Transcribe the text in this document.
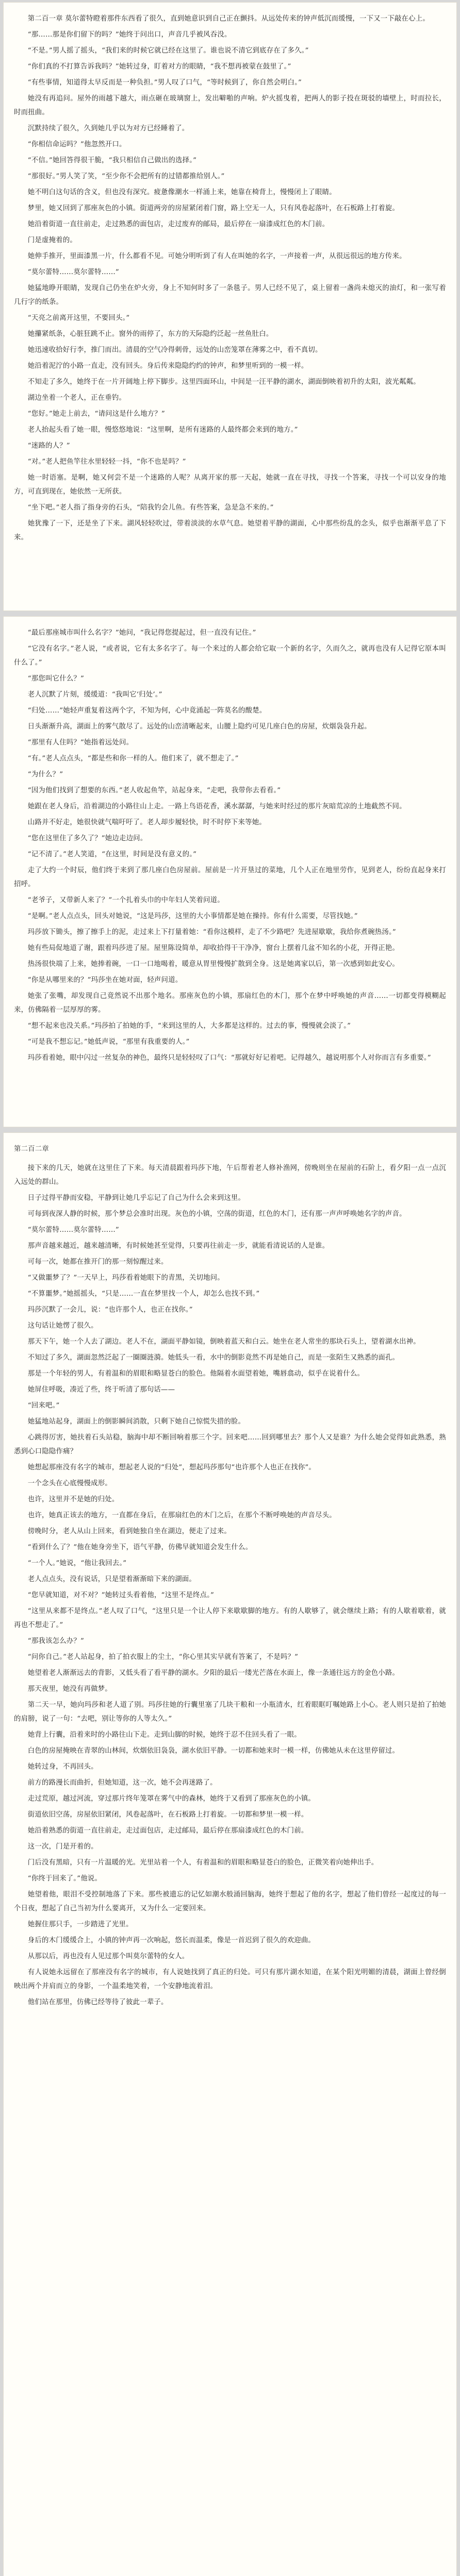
第二百一章 莫尔蕾特瞪着那件东西看了很久，直到她意识到自己正在颤抖。从远处传来的钟声低沉而缓慢，一下又一下敲在心上。

“那……那是你们留下的吗？”她终于问出口，声音几乎被风吞没。

“不是。”男人摇了摇头，“我们来的时候它就已经在这里了。谁也说不清它到底存在了多久。”

“你们真的不打算告诉我吗？”她转过身，盯着对方的眼睛，“我不想再被蒙在鼓里了。”

“有些事情，知道得太早反而是一种负担。”男人叹了口气，“等时候到了，你自然会明白。”

她没有再追问。屋外的雨越下越大，雨点砸在玻璃窗上，发出噼啪的声响。炉火摇曳着，把两人的影子投在斑驳的墙壁上，时而拉长，时而扭曲。

沉默持续了很久，久到她几乎以为对方已经睡着了。

“你相信命运吗？”他忽然开口。

“不信。”她回答得很干脆，“我只相信自己做出的选择。”

“那很好。”男人笑了笑，“至少你不会把所有的过错都推给别人。”

她不明白这句话的含义，但也没有深究。疲惫像潮水一样涌上来，她靠在椅背上，慢慢闭上了眼睛。

梦里，她又回到了那座灰色的小镇。街道两旁的房屋紧闭着门窗，路上空无一人，只有风卷起落叶，在石板路上打着旋。

她沿着街道一直往前走，走过熟悉的面包店，走过废弃的邮局，最后停在一扇漆成红色的木门前。

门是虚掩着的。

她伸手推开，里面漆黑一片，什么都看不见。可她分明听到了有人在叫她的名字，一声接着一声，从很远很远的地方传来。

“莫尔蕾特……莫尔蕾特……”

她猛地睁开眼睛，发现自己仍坐在炉火旁，身上不知何时多了一条毯子。男人已经不见了，桌上留着一盏尚未熄灭的油灯，和一张写着几行字的纸条。

“天亮之前离开这里，不要回头。”

她攥紧纸条，心脏狂跳不止。窗外的雨停了，东方的天际隐约泛起一丝鱼肚白。

她迅速收拾好行李，推门而出。清晨的空气冷得刺骨，远处的山峦笼罩在薄雾之中，看不真切。

她沿着泥泞的小路一直走，没有回头。身后传来隐隐约约的钟声，和梦里听到的一模一样。

不知走了多久，她终于在一片开阔地上停下脚步。这里四面环山，中间是一汪平静的湖水，湖面倒映着初升的太阳，波光粼粼。

湖边坐着一个老人，正在垂钓。

“您好。”她走上前去，“请问这是什么地方？”

老人抬起头看了她一眼，慢悠悠地说：“这里啊，是所有迷路的人最终都会来到的地方。”

“迷路的人？”

“对。”老人把鱼竿往水里轻轻一抖，“你不也是吗？”

她一时语塞。是啊，她又何尝不是一个迷路的人呢？从离开家的那一天起，她就一直在寻找，寻找一个答案，寻找一个可以安身的地方，可直到现在，她依然一无所获。

“坐下吧。”老人指了指身旁的石头，“陪我钓会儿鱼。有些答案，急是急不来的。”

她犹豫了一下，还是坐了下来。湖风轻轻吹过，带着淡淡的水草气息。她望着平静的湖面，心中那些纷乱的念头，似乎也渐渐平息了下来。

“最后那座城市叫什么名字？”她问，“我记得您提起过，但一直没有记住。”

“它没有名字。”老人说，“或者说，它有太多名字了。每一个来过的人都会给它取一个新的名字，久而久之，就再也没有人记得它原本叫什么了。”

“那您叫它什么？”

老人沉默了片刻，缓缓道：“我叫它‘归处’。”

“归处……”她轻声重复着这两个字，不知为何，心中竟涌起一阵莫名的酸楚。

日头渐渐升高，湖面上的雾气散尽了。远处的山峦清晰起来，山腰上隐约可见几座白色的房屋，炊烟袅袅升起。

“那里有人住吗？”她指着远处问。

“有。”老人点点头，“都是些和你一样的人。他们来了，就不想走了。”

“为什么？”

“因为他们找到了想要的东西。”老人收起鱼竿，站起身来，“走吧，我带你去看看。”

她跟在老人身后，沿着湖边的小路往山上走。一路上鸟语花香，溪水潺潺，与她来时经过的那片灰暗荒凉的土地截然不同。

山路并不好走，她很快就气喘吁吁了。老人却步履轻快，时不时停下来等她。

“您在这里住了多久了？”她边走边问。

“记不清了。”老人笑道，“在这里，时间是没有意义的。”

走了大约一个时辰，他们终于来到了那几座白色房屋前。屋前是一片开垦过的菜地，几个人正在地里劳作，见到老人，纷纷直起身来打招呼。

“老爷子，又带新人来了？”一个扎着头巾的中年妇人笑着问道。

“是啊。”老人点点头，回头对她说，“这是玛莎，这里的大小事情都是她在操持。你有什么需要，尽管找她。”

玛莎放下锄头，擦了擦手上的泥，走过来上下打量着她：“看你这模样，走了不少路吧？先进屋歇歇，我给你煮碗热汤。”

她有些局促地道了谢，跟着玛莎进了屋。屋里陈设简单，却收拾得干干净净，窗台上摆着几盆不知名的小花，开得正艳。

热汤很快端了上来，她捧着碗，一口一口地喝着，暖意从胃里慢慢扩散到全身。这是她离家以后，第一次感到如此安心。

“你是从哪里来的？”玛莎坐在她对面，轻声问道。

她张了张嘴，却发现自己竟然说不出那个地名。那座灰色的小镇，那扇红色的木门，那个在梦中呼唤她的声音……一切都变得模糊起来，仿佛隔着一层厚厚的雾。

“想不起来也没关系。”玛莎拍了拍她的手，“来到这里的人，大多都是这样的。过去的事，慢慢就会淡了。”

“可是我不想忘记。”她低声说，“那里有我重要的人。”

玛莎看着她，眼中闪过一丝复杂的神色，最终只是轻轻叹了口气：“那就好好记着吧。记得越久，越说明那个人对你而言有多重要。”

第二百二章

接下来的几天，她就在这里住了下来。每天清晨跟着玛莎下地，午后帮着老人修补渔网，傍晚则坐在屋前的石阶上，看夕阳一点一点沉入远处的群山。

日子过得平静而安稳，平静到让她几乎忘记了自己为什么会来到这里。

可每到夜深人静的时候，那个梦总会准时出现。灰色的小镇，空荡的街道，红色的木门，还有那一声声呼唤她名字的声音。

“莫尔蕾特……莫尔蕾特……”

那声音越来越近，越来越清晰，有时候她甚至觉得，只要再往前走一步，就能看清说话的人是谁。

可每一次，她都在推开门的那一刻惊醒过来。

“又做噩梦了？”一天早上，玛莎看着她眼下的青黑，关切地问。

“不算噩梦。”她摇摇头，“只是……一直在梦里找一个人，却怎么也找不到。”

玛莎沉默了一会儿，说：“也许那个人，也正在找你。”

这句话让她愣了很久。

那天下午，她一个人去了湖边。老人不在，湖面平静如镜，倒映着蓝天和白云。她坐在老人常坐的那块石头上，望着湖水出神。

不知过了多久，湖面忽然泛起了一圈圈涟漪。她低头一看，水中的倒影竟然不再是她自己，而是一张陌生又熟悉的面孔。

那是一个年轻的男人，有着温和的眉眼和略显苍白的脸色。他隔着水面望着她，嘴唇翕动，似乎在说着什么。

她屏住呼吸，凑近了些，终于听清了那句话——

“回来吧。”

她猛地站起身，湖面上的倒影瞬间消散，只剩下她自己惊慌失措的脸。

心跳得厉害，她扶着石头站稳，脑海中却不断回响着那三个字。回来吧……回到哪里去？那个人又是谁？为什么她会觉得如此熟悉，熟悉到心口隐隐作痛？

她想起那座没有名字的城市，想起老人说的“归处”，想起玛莎那句“也许那个人也正在找你”。

一个念头在心底慢慢成形。

也许，这里并不是她的归处。

也许，她真正该去的地方，一直都在身后，在那扇红色的木门之后，在那个不断呼唤她的声音尽头。

傍晚时分，老人从山上回来，看到她独自坐在湖边，便走了过来。

“看到什么了？”他在她身旁坐下，语气平静，仿佛早就知道会发生什么。

“一个人。”她说，“他让我回去。”

老人点点头，没有说话，只是望着渐渐暗下来的湖面。

“您早就知道，对不对？”她转过头看着他，“这里不是终点。”

“这里从来都不是终点。”老人叹了口气，“这里只是一个让人停下来歇歇脚的地方。有的人歇够了，就会继续上路；有的人歇着歇着，就再也不想走了。”

“那我该怎么办？”

“问你自己。”老人站起身，拍了拍衣服上的尘土，“你心里其实早就有答案了，不是吗？”

她望着老人渐渐远去的背影，又低头看了看平静的湖水。夕阳的最后一缕光芒落在水面上，像一条通往远方的金色小路。

那天夜里，她没有再做梦。

第二天一早，她向玛莎和老人道了别。玛莎往她的行囊里塞了几块干粮和一小瓶清水，红着眼眶叮嘱她路上小心。老人则只是拍了拍她的肩膀，说了一句：“去吧，别让等你的人等太久。”

她背上行囊，沿着来时的小路往山下走。走到山脚的时候，她终于忍不住回头看了一眼。

白色的房屋掩映在青翠的山林间，炊烟依旧袅袅，湖水依旧平静。一切都和她来时一模一样，仿佛她从未在这里停留过。

她转过身，不再回头。

前方的路漫长而曲折，但她知道，这一次，她不会再迷路了。

走过荒原，越过河流，穿过那片终年笼罩在雾气中的森林，她终于又看到了那座灰色的小镇。

街道依旧空荡，房屋依旧紧闭，风卷起落叶，在石板路上打着旋。一切都和梦里一模一样。

她沿着熟悉的街道一直往前走，走过面包店，走过邮局，最后停在那扇漆成红色的木门前。

这一次，门是开着的。

门后没有黑暗，只有一片温暖的光。光里站着一个人，有着温和的眉眼和略显苍白的脸色，正微笑着向她伸出手。

“你终于回来了。”他说。

她望着他，眼泪不受控制地落了下来。那些被遗忘的记忆如潮水般涌回脑海，她终于想起了他的名字，想起了他们曾经一起度过的每一个日夜，想起了自己当初为什么要离开，又为什么一定要回来。

她握住那只手，一步踏进了光里。

身后的木门缓缓合上，小镇的钟声再一次响起，悠长而温柔，像是一首迟到了很久的欢迎曲。

从那以后，再也没有人见过那个叫莫尔蕾特的女人。

有人说她永远留在了那座没有名字的城市，有人说她找到了真正的归处。可只有那片湖水知道，在某个阳光明媚的清晨，湖面上曾经倒映出两个并肩而立的身影，一个温柔地笑着，一个安静地流着泪。

他们站在那里，仿佛已经等待了彼此一辈子。
